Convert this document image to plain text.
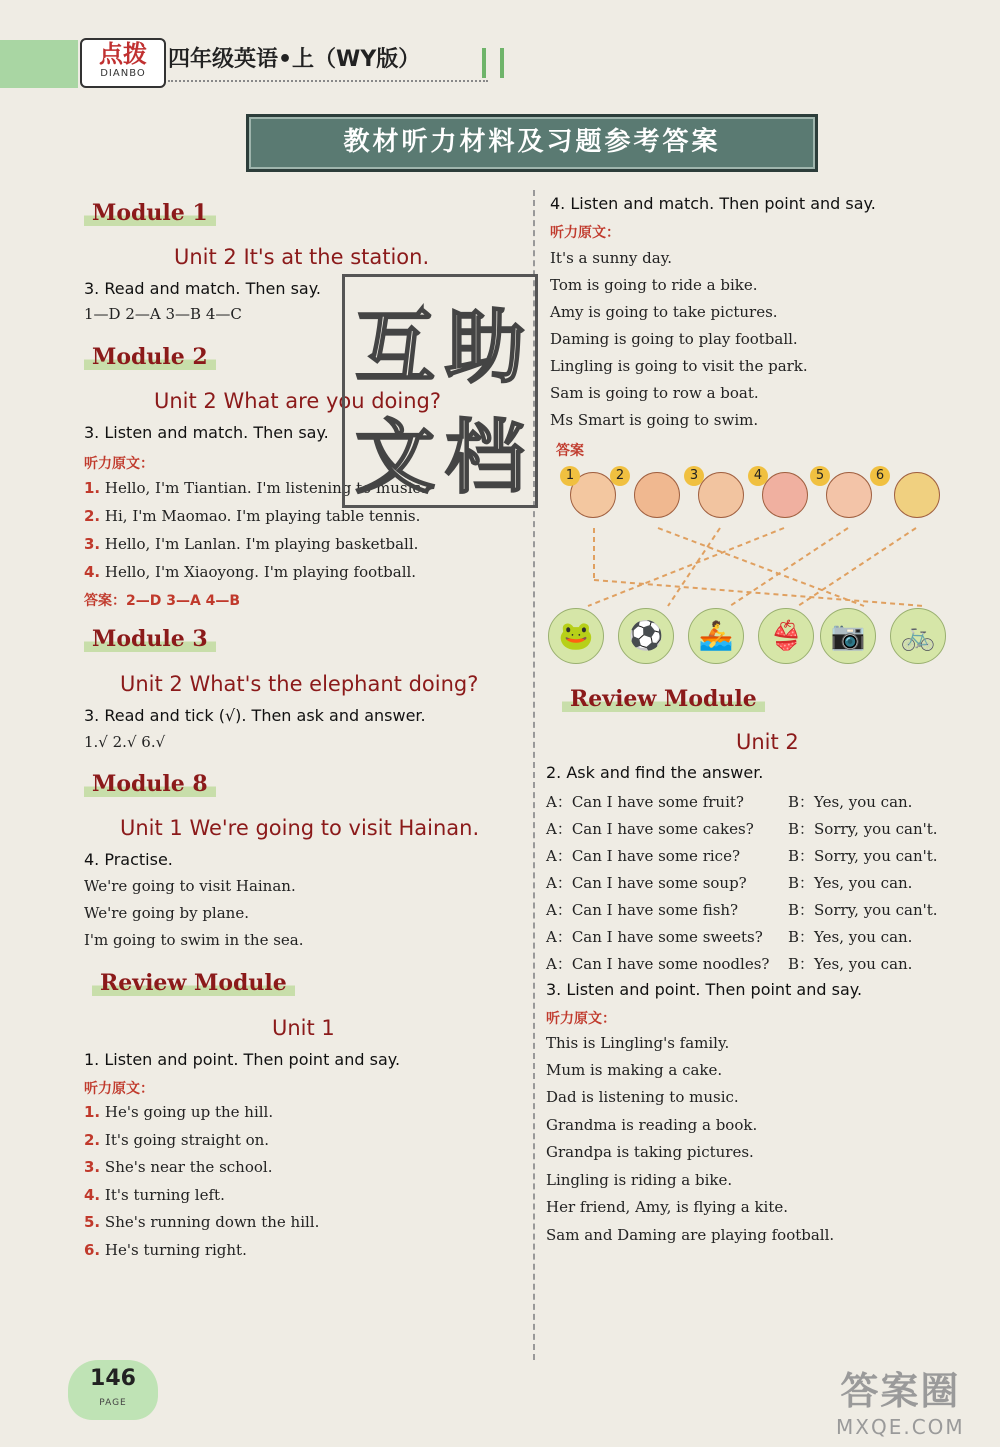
点拨
DIANBO
四年级英语•上（WY版）
教材听力材料及习题参考答案
Module 1
Unit 2 It's at the station.
3. Read and match. Then say.
1—D 2—A 3—B 4—C
Module 2
Unit 2 What are you doing?
3. Listen and match. Then say.
听力原文：
1. Hello, I'm Tiantian. I'm listening to music.
2. Hi, I'm Maomao. I'm playing table tennis.
3. Hello, I'm Lanlan. I'm playing basketball.
4. Hello, I'm Xiaoyong. I'm playing football.
答案：2—D 3—A 4—B
Module 3
Unit 2 What's the elephant doing?
3. Read and tick (√). Then ask and answer.
1.√ 2.√ 6.√
Module 8
Unit 1 We're going to visit Hainan.
4. Practise.
We're going to visit Hainan.
We're going by plane.
I'm going to swim in the sea.
Review Module
Unit 1
1. Listen and point. Then point and say.
听力原文：
1. He's going up the hill.
2. It's going straight on.
3. She's near the school.
4. It's turning left.
5. She's running down the hill.
6. He's turning right.
互 助
文 档
4. Listen and match. Then point and say.
听力原文：
It's a sunny day.
Tom is going to ride a bike.
Amy is going to take pictures.
Daming is going to play football.
Lingling is going to visit the park.
Sam is going to row a boat.
Ms Smart is going to swim.
答案
1	2	3	4	5	6
🐸	⚽	🚣	👙 📷	🚲
Review Module
Unit 2
2. Ask and find the answer.
A：Can I have some fruit?	B：Yes, you can.
A：Can I have some cakes? B：Sorry, you can't.
A：Can I have some rice?	B：Sorry, you can't.
A：Can I have some soup?	B：Yes, you can.
A：Can I have some fish?	B：Sorry, you can't.
A：Can I have some sweets? B：Yes, you can.
A：Can I have some noodles? B：Yes, you can.
3. Listen and point. Then point and say.
听力原文：
This is Lingling's family.
Mum is making a cake.
Dad is listening to music.
Grandma is reading a book.
Grandpa is taking pictures.
Lingling is riding a bike.
Her friend, Amy, is flying a kite.
Sam and Daming are playing football.
146
PAGE	答案圈
MXQE.COM
